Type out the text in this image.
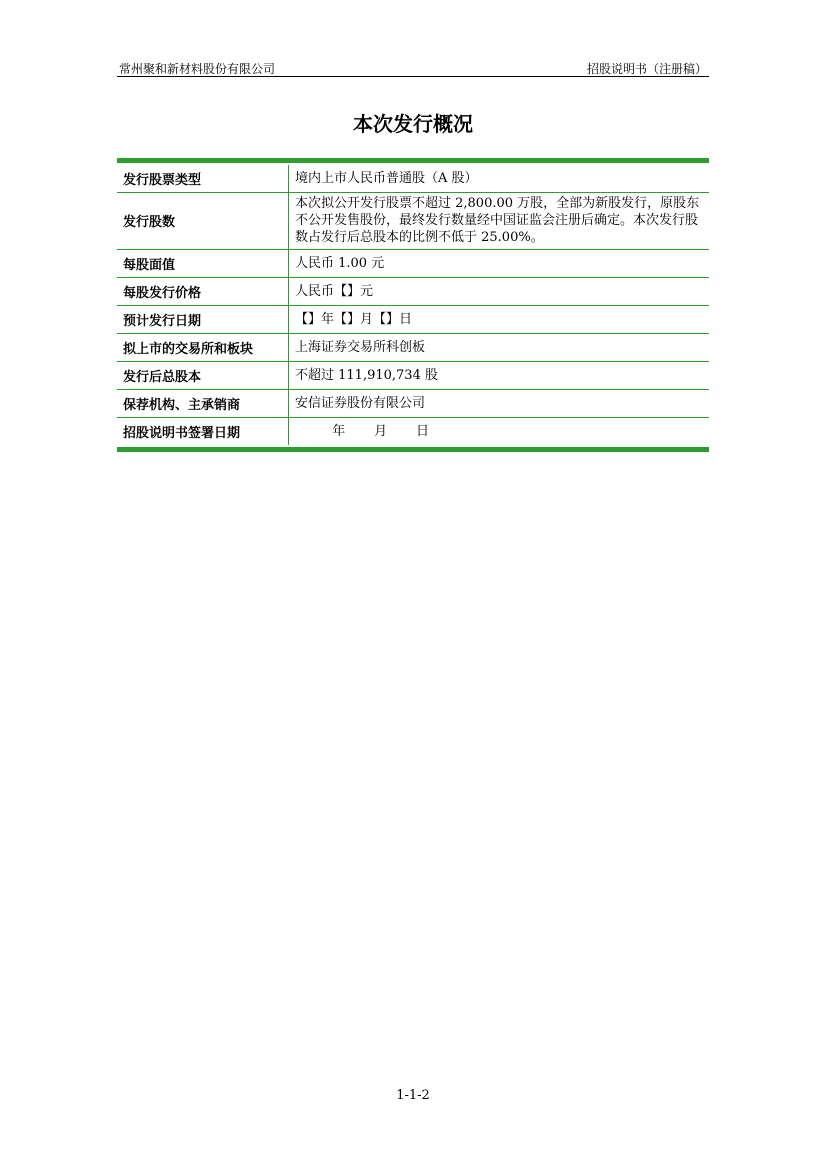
常州聚和新材料股份有限公司	招股说明书（注册稿）
本次发行概况
发行股票类型	境内上市人民币普通股（A 股）
发行股数	本次拟公开发行股票不超过 2,800.00 万股，全部为新股发行，原股东不公开发售股份，最终发行数量经中国证监会注册后确定。本次发行股数占发行后总股本的比例不低于 25.00%。
每股面值	人民币 1.00 元
每股发行价格	人民币【】元
预计发行日期	【】年【】月【】日
拟上市的交易所和板块	上海证券交易所科创板
发行后总股本	不超过 111,910,734 股
保荐机构、主承销商	安信证券股份有限公司
招股说明书签署日期	年       月       日
1-1-2
